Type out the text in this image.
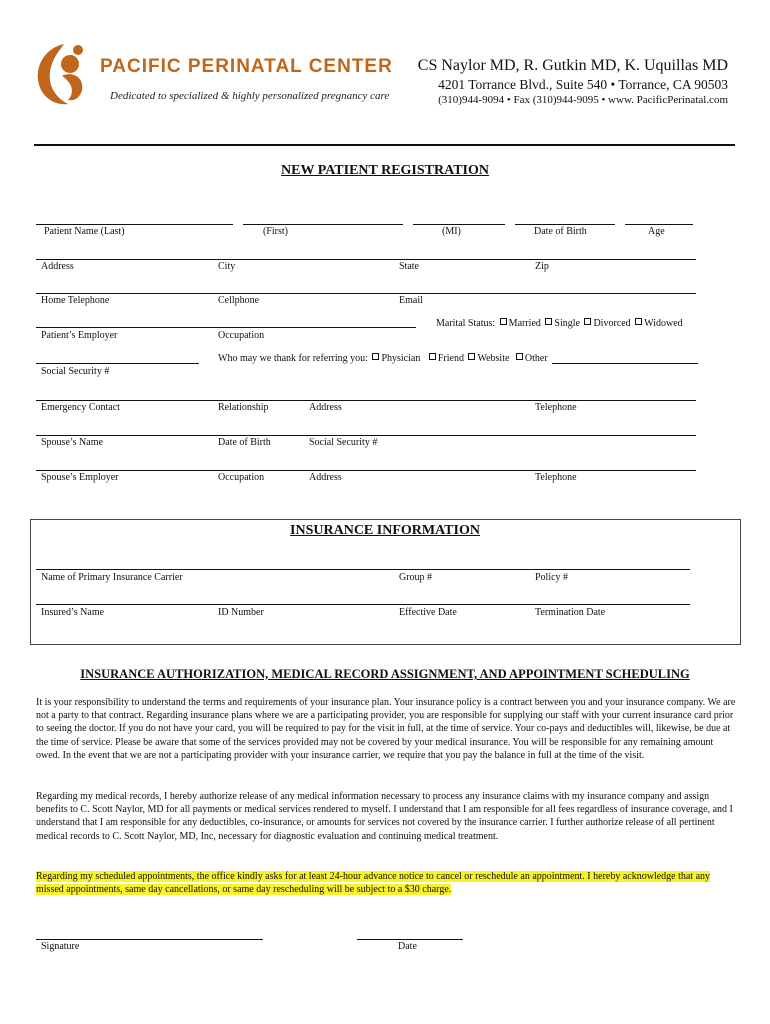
PACIFIC PERINATAL CENTER
Dedicated to specialized & highly personalized pregnancy care
CS Naylor MD, R. Gutkin MD, K. Uquillas MD
4201 Torrance Blvd., Suite 540 • Torrance, CA 90503
(310)944-9094 • Fax (310)944-9095 • www. PacificPerinatal.com
NEW PATIENT REGISTRATION
Patient Name (Last)	(First)	(MI)	Date of Birth	Age
Address	City	State	Zip
Home Telephone	Cellphone	Email
Marital Status: Married Single Divorced Widowed
Patient’s Employer	Occupation
Who may we thank for referring you: Physician Friend Website Other
Social Security #
Emergency Contact	Relationship	Address	Telephone
Spouse’s Name	Date of Birth	Social Security #
Spouse’s Employer	Occupation	Address	Telephone
INSURANCE INFORMATION
Name of Primary Insurance Carrier	Group #	Policy #
Insured’s Name	ID Number	Effective Date	Termination Date
INSURANCE AUTHORIZATION, MEDICAL RECORD ASSIGNMENT, AND APPOINTMENT SCHEDULING
It is your responsibility to understand the terms and requirements of your insurance plan. Your insurance policy is a contract between you and your insurance company. We are not a party to that contract. Regarding insurance plans where we are a participating provider, you are responsible for supplying our staff with your current insurance card prior to seeing the doctor. If you do not have your card, you will be required to pay for the visit in full, at the time of service. Your co-pays and deductibles will, likewise, be due at the time of service. Please be aware that some of the services provided may not be covered by your medical insurance. You will be responsible for any remaining amount owed. In the event that we are not a participating provider with your insurance carrier, we require that you pay the balance in full at the time of the visit.
Regarding my medical records, I hereby authorize release of any medical information necessary to process any insurance claims with my insurance company and assign benefits to C. Scott Naylor, MD for all payments or medical services rendered to myself. I understand that I am responsible for all fees regardless of insurance coverage, and I understand that I am responsible for any deductibles, co-insurance, or amounts for services not covered by the insurance carrier. I further authorize release of all pertinent medical records to C. Scott Naylor, MD, Inc, necessary for diagnostic evaluation and continuing medical treatment.
Regarding my scheduled appointments, the office kindly asks for at least 24-hour advance notice to cancel or reschedule an appointment. I hereby acknowledge that any missed appointments, same day cancellations, or same day rescheduling will be subject to a $30 charge.
Signature	Date
